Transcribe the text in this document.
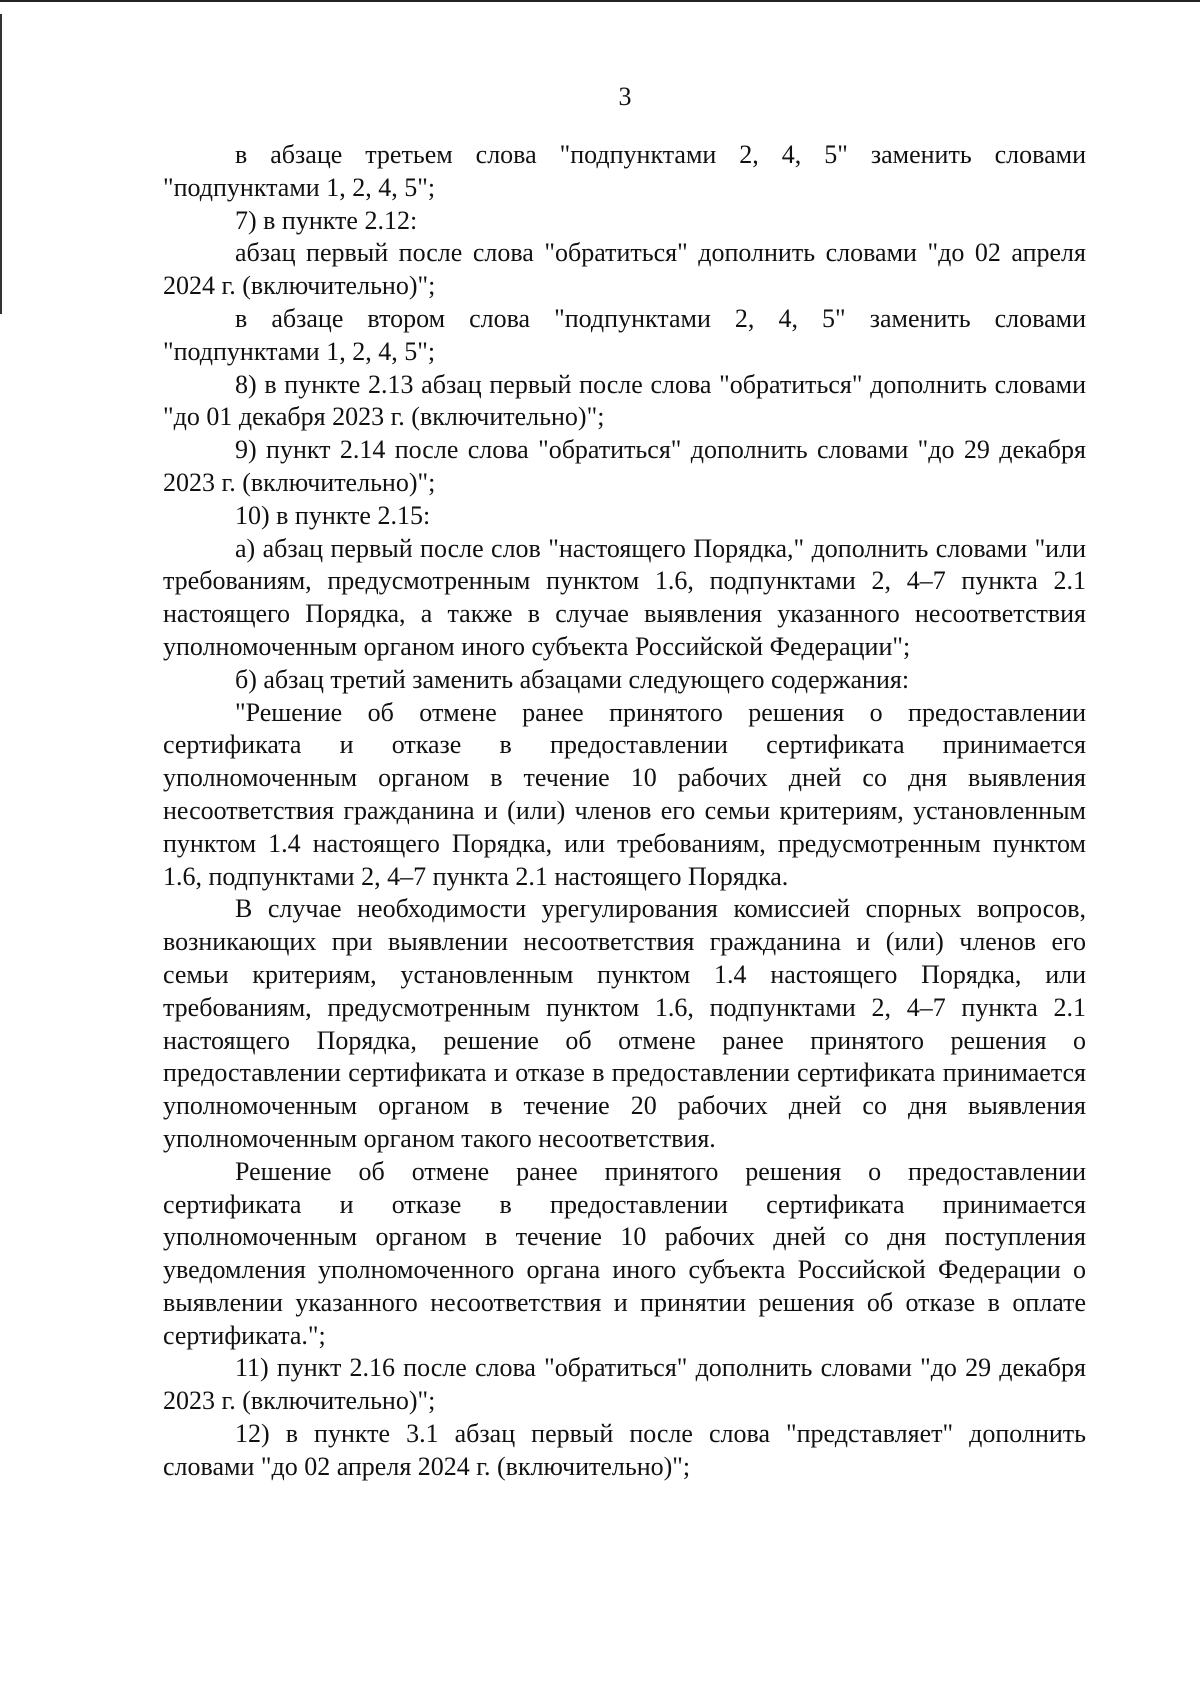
3

в абзаце третьем слова "подпунктами 2, 4, 5" заменить словами "подпунктами 1, 2, 4, 5";

7) в пункте 2.12:

абзац первый после слова "обратиться" дополнить словами "до 02 апреля 2024 г. (включительно)";

в абзаце втором слова "подпунктами 2, 4, 5" заменить словами "подпунктами 1, 2, 4, 5";

8) в пункте 2.13 абзац первый после слова "обратиться" дополнить словами "до 01 декабря 2023 г. (включительно)";

9) пункт 2.14 после слова "обратиться" дополнить словами "до 29 декабря 2023 г. (включительно)";

10) в пункте 2.15:

а) абзац первый после слов "настоящего Порядка," дополнить словами "или требованиям, предусмотренным пунктом 1.6, подпунктами 2, 4–7 пункта 2.1 настоящего Порядка, а также в случае выявления указанного несоответствия уполномоченным органом иного субъекта Российской Федерации";

б) абзац третий заменить абзацами следующего содержания:

"Решение об отмене ранее принятого решения о предоставлении сертификата и отказе в предоставлении сертификата принимается уполномоченным органом в течение 10 рабочих дней со дня выявления несоответствия гражданина и (или) членов его семьи критериям, установленным пунктом 1.4 настоящего Порядка, или требованиям, предусмотренным пунктом 1.6, подпунктами 2, 4–7 пункта 2.1 настоящего Порядка.

В случае необходимости урегулирования комиссией спорных вопросов, возникающих при выявлении несоответствия гражданина и (или) членов его семьи критериям, установленным пунктом 1.4 настоящего Порядка, или требованиям, предусмотренным пунктом 1.6, подпунктами 2, 4–7 пункта 2.1 настоящего Порядка, решение об отмене ранее принятого решения о предоставлении сертификата и отказе в предоставлении сертификата принимается уполномоченным органом в течение 20 рабочих дней со дня выявления уполномоченным органом такого несоответствия.

Решение об отмене ранее принятого решения о предоставлении сертификата и отказе в предоставлении сертификата принимается уполномоченным органом в течение 10 рабочих дней со дня поступления уведомления уполномоченного органа иного субъекта Российской Федерации о выявлении указанного несоответствия и принятии решения об отказе в оплате сертификата.";

11) пункт 2.16 после слова "обратиться" дополнить словами "до 29 декабря 2023 г. (включительно)";

12) в пункте 3.1 абзац первый после слова "представляет" дополнить словами "до 02 апреля 2024 г. (включительно)";
